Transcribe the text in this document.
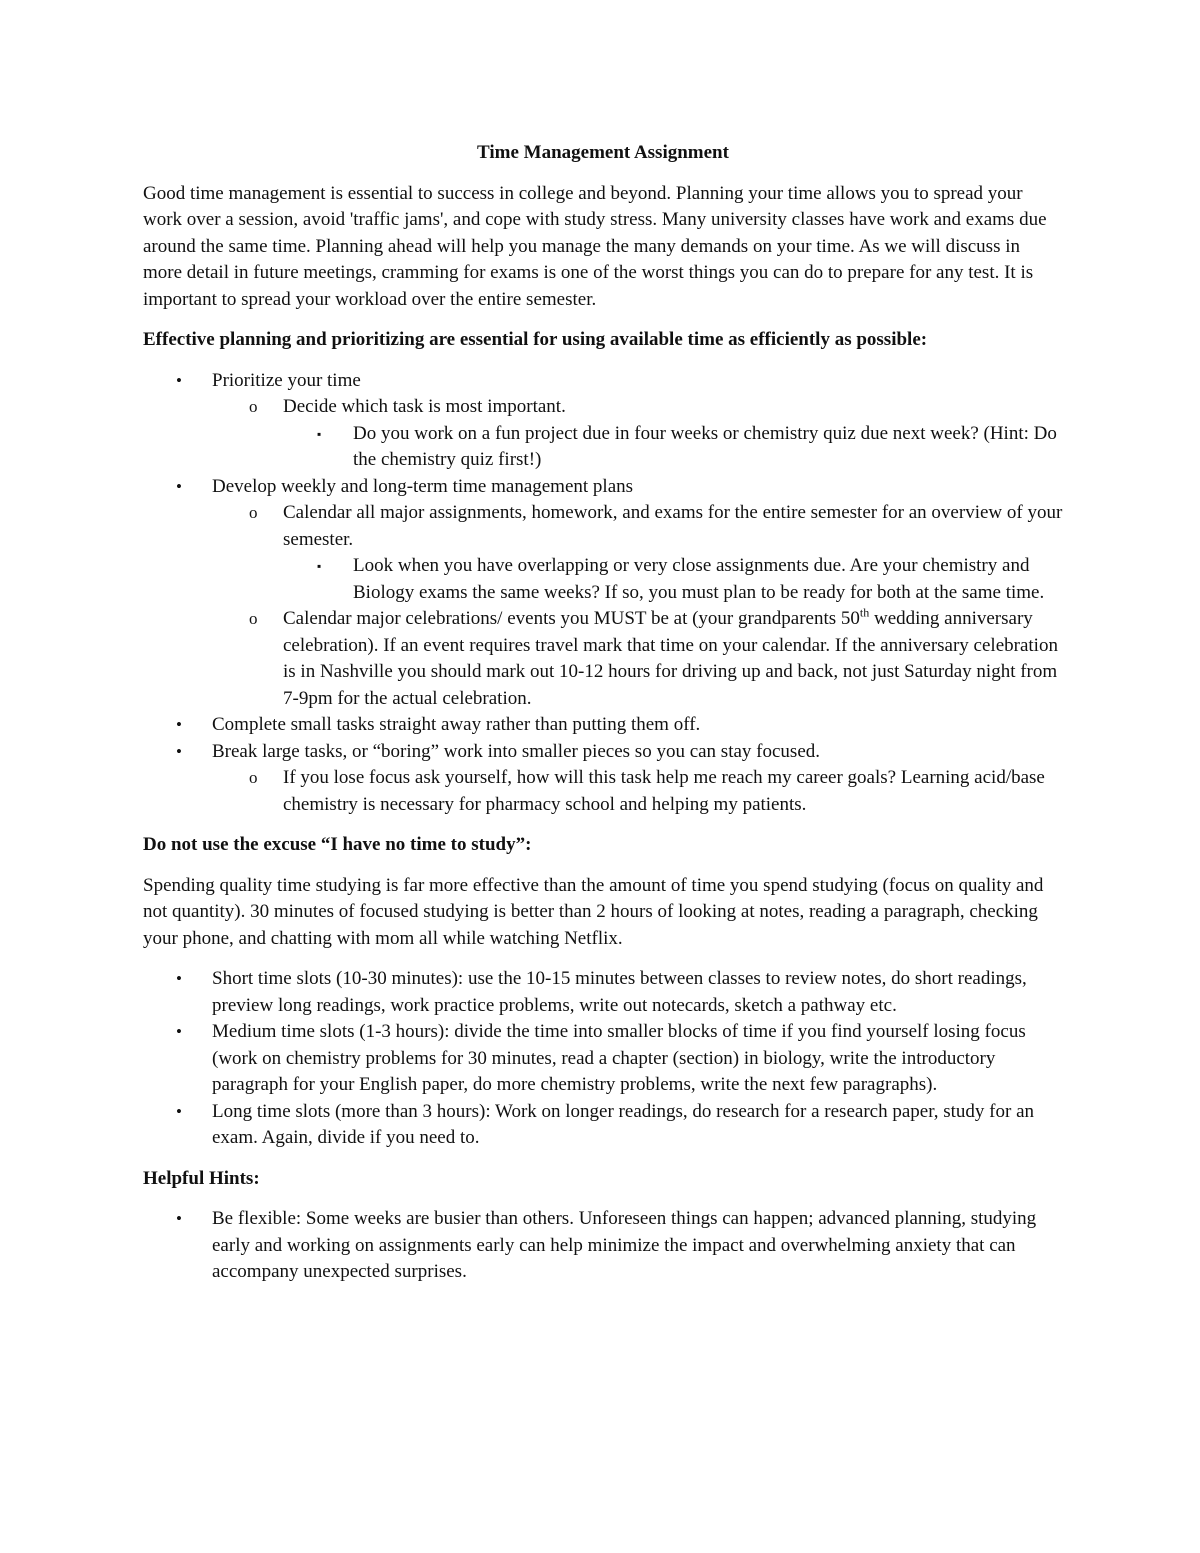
Time Management Assignment

Good time management is essential to success in college and beyond. Planning your time allows you to spread your work over a session, avoid 'traffic jams', and cope with study stress. Many university classes have work and exams due around the same time. Planning ahead will help you manage the many demands on your time. As we will discuss in more detail in future meetings, cramming for exams is one of the worst things you can do to prepare for any test. It is important to spread your workload over the entire semester.

Effective planning and prioritizing are essential for using available time as efficiently as possible:

• Prioritize your time
o Decide which task is most important.
▪ Do you work on a fun project due in four weeks or chemistry quiz due next week? (Hint: Do the chemistry quiz first!)
• Develop weekly and long-term time management plans
o Calendar all major assignments, homework, and exams for the entire semester for an overview of your semester.
▪ Look when you have overlapping or very close assignments due. Are your chemistry and Biology exams the same weeks? If so, you must plan to be ready for both at the same time.
o Calendar major celebrations/ events you MUST be at (your grandparents 50th wedding anniversary celebration). If an event requires travel mark that time on your calendar. If the anniversary celebration is in Nashville you should mark out 10-12 hours for driving up and back, not just Saturday night from 7-9pm for the actual celebration.
• Complete small tasks straight away rather than putting them off.
• Break large tasks, or “boring” work into smaller pieces so you can stay focused.
o If you lose focus ask yourself, how will this task help me reach my career goals? Learning acid/base chemistry is necessary for pharmacy school and helping my patients.

Do not use the excuse “I have no time to study”:

Spending quality time studying is far more effective than the amount of time you spend studying (focus on quality and not quantity). 30 minutes of focused studying is better than 2 hours of looking at notes, reading a paragraph, checking your phone, and chatting with mom all while watching Netflix.

• Short time slots (10-30 minutes): use the 10-15 minutes between classes to review notes, do short readings, preview long readings, work practice problems, write out notecards, sketch a pathway etc.
• Medium time slots (1-3 hours): divide the time into smaller blocks of time if you find yourself losing focus (work on chemistry problems for 30 minutes, read a chapter (section) in biology, write the introductory paragraph for your English paper, do more chemistry problems, write the next few paragraphs).
• Long time slots (more than 3 hours): Work on longer readings, do research for a research paper, study for an exam. Again, divide if you need to.

Helpful Hints:

• Be flexible: Some weeks are busier than others. Unforeseen things can happen; advanced planning, studying early and working on assignments early can help minimize the impact and overwhelming anxiety that can accompany unexpected surprises.
